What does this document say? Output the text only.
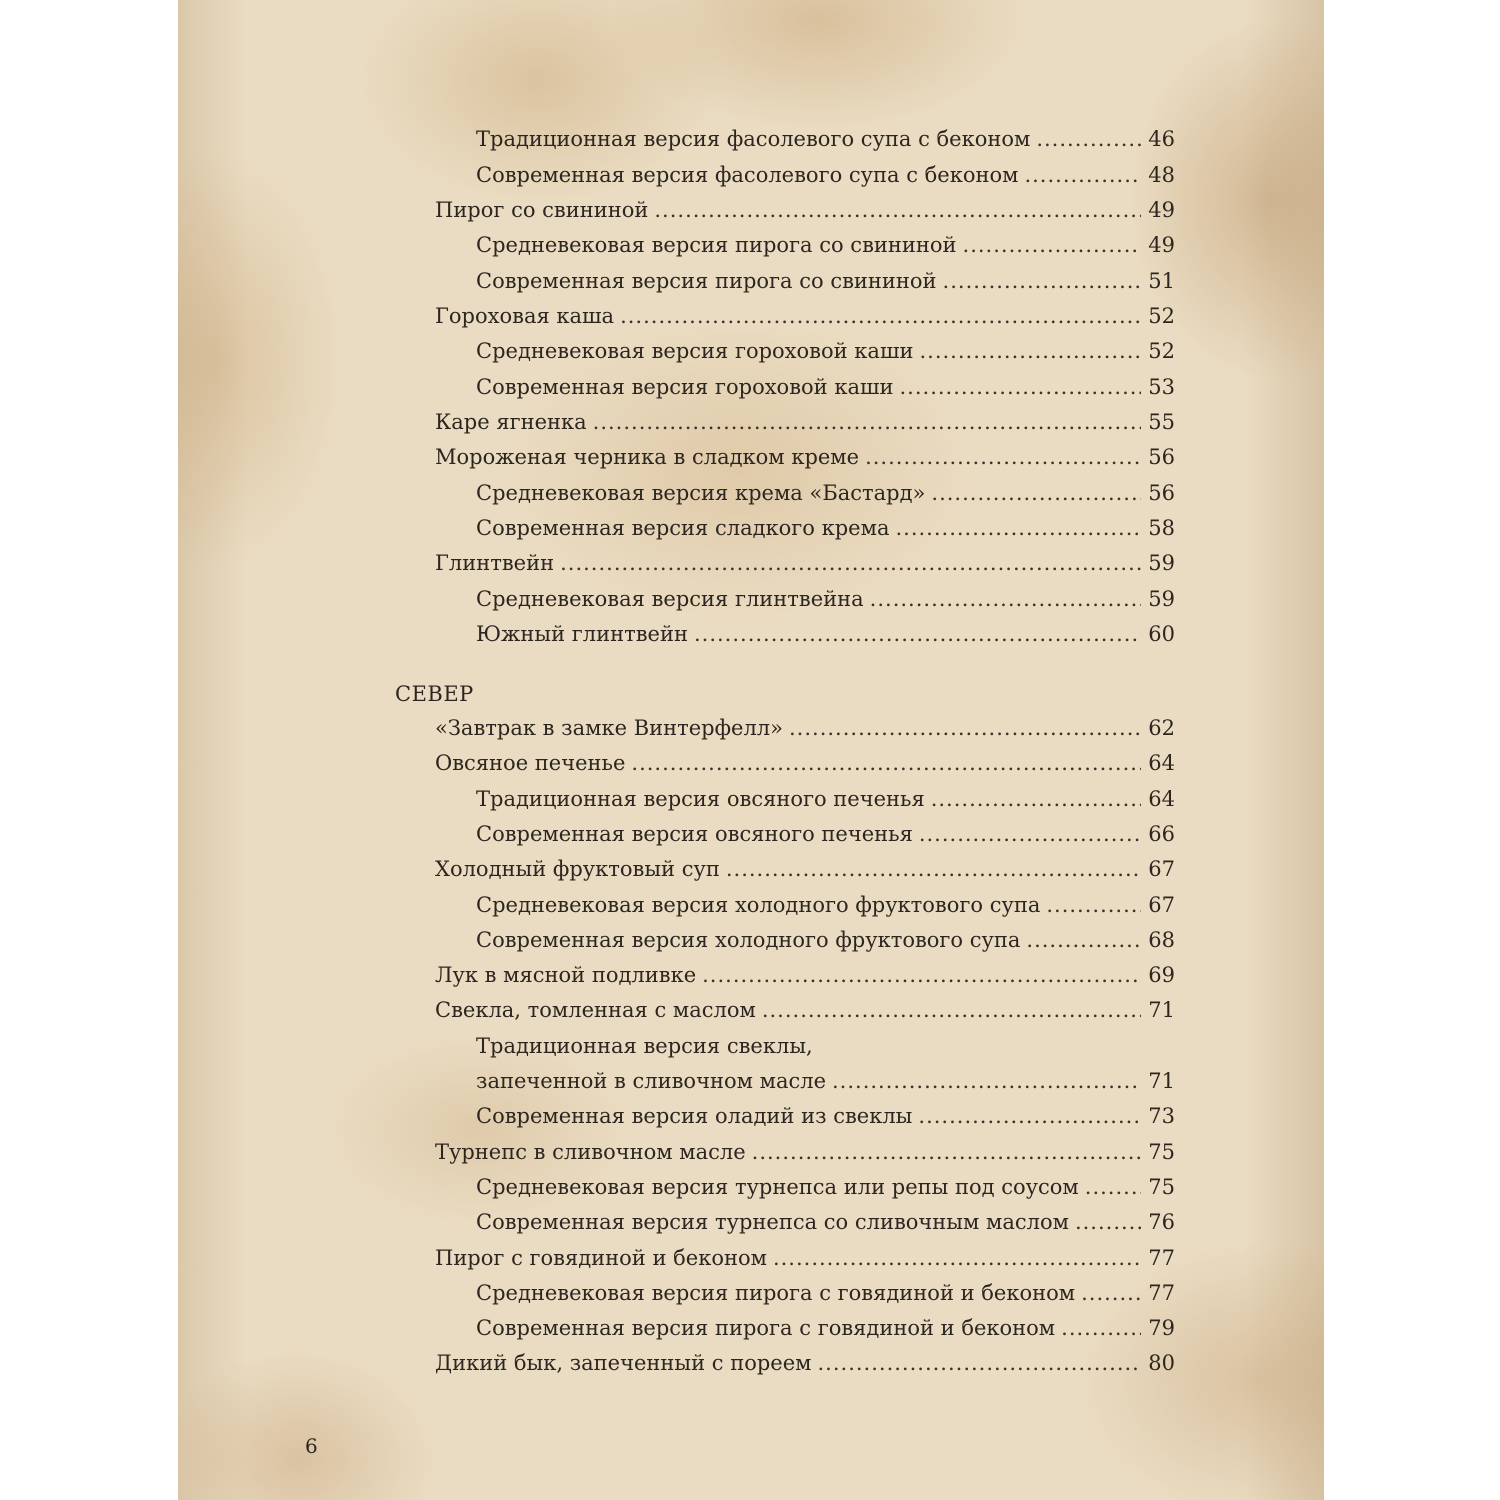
Традиционная версия фасолевого супа с беконом .....	46
Современная версия фасолевого супа с беконом .....	48
Пирог со свининой .....	49
Средневековая версия пирога со свининой .....	49
Современная версия пирога со свининой .....	51
Гороховая каша .....	52
Средневековая версия гороховой каши .....	52
Современная версия гороховой каши .....	53
Каре ягненка .....	55
Мороженая черника в сладком креме .....	56
Средневековая версия крема «Бастард» .....	56
Современная версия сладкого крема .....	58
Глинтвейн .....	59
Средневековая версия глинтвейна .....	59
Южный глинтвейн .....	60
СЕВЕР
«Завтрак в замке Винтерфелл» .....	62
Овсяное печенье .....	64
Традиционная версия овсяного печенья .....	64
Современная версия овсяного печенья .....	66
Холодный фруктовый суп .....	67
Средневековая версия холодного фруктового супа .....	67
Современная версия холодного фруктового супа .....	68
Лук в мясной подливке .....	69
Свекла, томленная с маслом .....	71
Традиционная версия свеклы,
запеченной в сливочном масле .....	71
Современная версия оладий из свеклы .....	73
Турнепс в сливочном масле .....	75
Средневековая версия турнепса или репы под соусом .....	75
Современная версия турнепса со сливочным маслом .....	76
Пирог с говядиной и беконом .....	77
Средневековая версия пирога с говядиной и беконом .....	77
Современная версия пирога с говядиной и беконом .....	79
Дикий бык, запеченный с пореем .....	80
6
